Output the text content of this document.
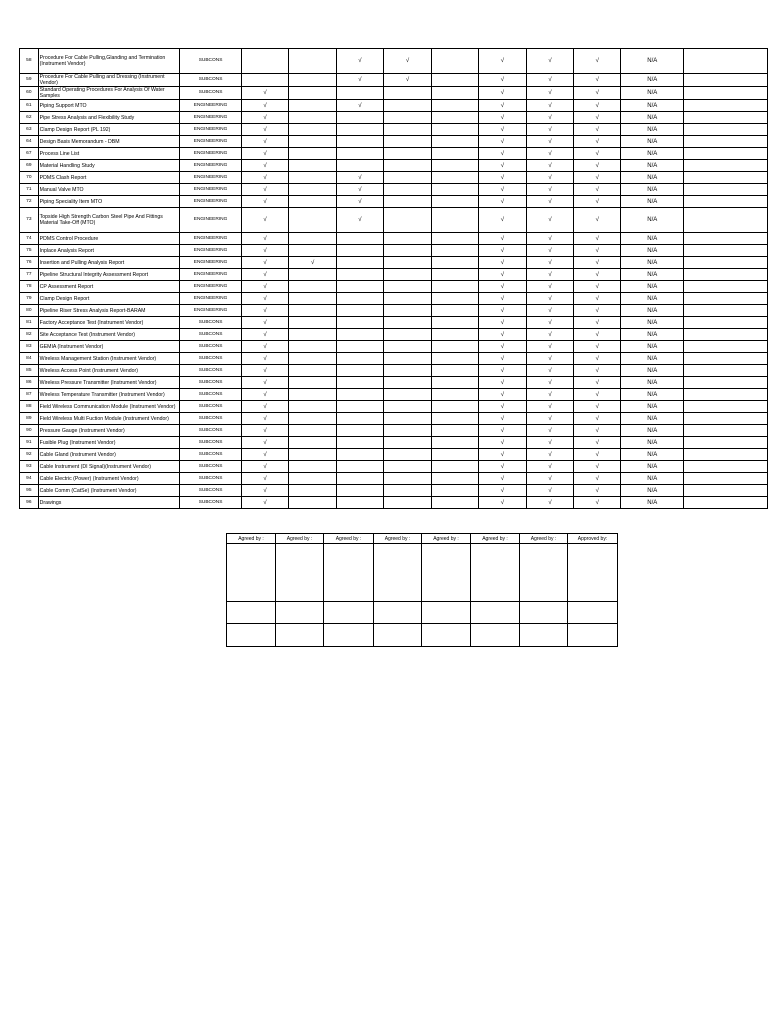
58	Procedure For Cable Pulling,Glanding and Termination (Instrument Vendor)	SUBCONS			√	√		√	√	√	N/A	
59	Procedure For Cable Pulling and Dressing (Instrument Vendor)	SUBCONS			√	√		√	√	√	N/A	
60	Standard Operating Procedures For Analysis Of Water Samples	SUBCONS	√					√	√	√	N/A	
61	Piping Support MTO	ENGINEERING	√		√			√	√	√	N/A	
62	Pipe Stress Analysis and Flexibility Study	ENGINEERING	√					√	√	√	N/A	
63	Clamp Design Report (PL 192)	ENGINEERING	√					√	√	√	N/A	
64	Design Basis Memorandum - DBM	ENGINEERING	√					√	√	√	N/A	
67	Process Line List	ENGINEERING	√					√	√	√	N/A	
69	Material Handling Study	ENGINEERING	√					√	√	√	N/A	
70	PDMS Clash Report	ENGINEERING	√		√			√	√	√	N/A	
71	Manual Valve MTO	ENGINEERING	√		√			√	√	√	N/A	
72	Piping Speciality Item MTO	ENGINEERING	√		√			√	√	√	N/A	
73	Topside High Strength Carbon Steel Pipe And Fittings Material Take-Off (MTO)	ENGINEERING	√		√			√	√	√	N/A	
74	PDMS Control Procedure	ENGINEERING	√					√	√	√	N/A	
75	Inplace Analysis Report	ENGINEERING	√					√	√	√	N/A	
76	Insertion and Pulling Analysis Report	ENGINEERING	√	√				√	√	√	N/A	
77	Pipeline Structural Integrity Assessment Report	ENGINEERING	√					√	√	√	N/A	
78	CP Assessment Report	ENGINEERING	√					√	√	√	N/A	
79	Clamp Design Report	ENGINEERING	√					√	√	√	N/A	
80	Pipeline Riser Stress Analysis Report-BARAM	ENGINEERING	√					√	√	√	N/A	
81	Factory Acceptance Test (Instrument Vendor)	SUBCONS	√					√	√	√	N/A	
82	Site Acceptance Test (Instrument Vendor)	SUBCONS	√					√	√	√	N/A	
83	GEMIA (Instrument Vendor)	SUBCONS	√					√	√	√	N/A	
84	Wireless Management Station (Instrument Vendor)	SUBCONS	√					√	√	√	N/A	
85	Wireless Access Point (Instrument Vendor)	SUBCONS	√					√	√	√	N/A	
86	Wireless Pressure Transmitter (Instrument Vendor)	SUBCONS	√					√	√	√	N/A	
87	Wireless Temperature Transmitter (Instrument Vendor)	SUBCONS	√					√	√	√	N/A	
88	Field Wireless Communication Module (Instrument Vendor)	SUBCONS	√					√	√	√	N/A	
89	Field Wireless Multi Fuction Module (Instrument Vendor)	SUBCONS	√					√	√	√	N/A	
90	Pressure Gauge (Instrument Vendor)	SUBCONS	√					√	√	√	N/A	
91	Fusible Plug (Instrument Vendor)	SUBCONS	√					√	√	√	N/A	
92	Cable Gland (Instrument Vendor)	SUBCONS	√					√	√	√	N/A	
93	Cable Instrument (DI Signal)(Instrument Vendor)	SUBCONS	√					√	√	√	N/A	
94	Cable Electric (Power) (Instrument Vendor)	SUBCONS	√					√	√	√	N/A	
95	Cable Comm (CatSe) (Instrument Vendor)	SUBCONS	√					√	√	√	N/A	
96	Drawings	SUBCONS	√					√	√	√	N/A	
Agreed by :	Agreed by :	Agreed by :	Agreed by :	Agreed by :	Agreed by :	Agreed by :	Approved by:
